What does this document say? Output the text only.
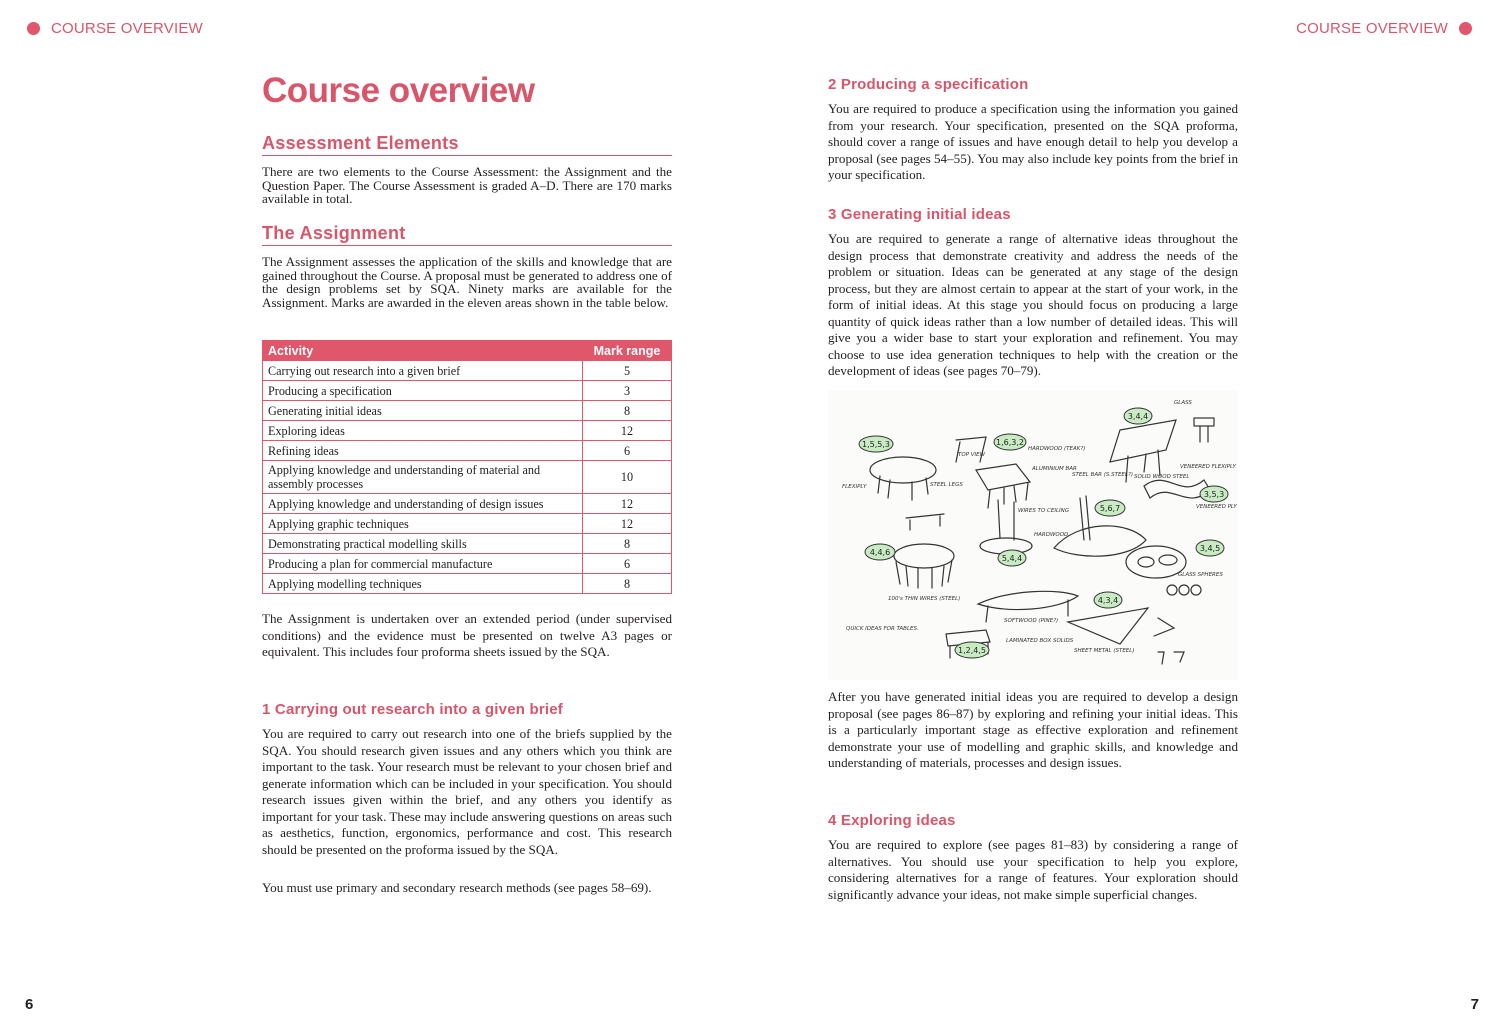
COURSE OVERVIEW	COURSE OVERVIEW
6	7
Course overview
Assessment Elements

There are two elements to the Course Assessment: the Assignment and the Question Paper. The Course Assessment is graded A–D. There are 170 marks available in total.

The Assignment

The Assignment assesses the application of the skills and knowledge that are gained throughout the Course. A proposal must be generated to address one of the design problems set by SQA. Ninety marks are available for the Assignment. Marks are awarded in the eleven areas shown in the table below.

Activity	Mark range
Carrying out research into a given brief	5
Producing a specification	3
Generating initial ideas	8
Exploring ideas	12
Refining ideas	6
Applying knowledge and understanding of material and assembly processes	10
Applying knowledge and understanding of design issues	12
Applying graphic techniques	12
Demonstrating practical modelling skills	8
Producing a plan for commercial manufacture	6
Applying modelling techniques	8

The Assignment is undertaken over an extended period (under supervised conditions) and the evidence must be presented on twelve A3 pages or equivalent. This includes four proforma sheets issued by the SQA.

1 Carrying out research into a given brief

You are required to carry out research into one of the briefs supplied by the SQA. You should research given issues and any others which you think are important to the task. Your research must be relevant to your chosen brief and generate information which can be included in your specification. You should research issues given within the brief, and any others you identify as important for your task. These may include answering questions on areas such as aesthetics, function, ergonomics, performance and cost. This research should be presented on the proforma issued by the SQA.

You must use primary and secondary research methods (see pages 58–69).

2 Producing a specification

You are required to produce a specification using the information you gained from your research. Your specification, presented on the SQA proforma, should cover a range of issues and have enough detail to help you develop a proposal (see pages 54–55). You may also include key points from the brief in your specification.

3 Generating initial ideas

You are required to generate a range of alternative ideas throughout the design process that demonstrate creativity and address the needs of the problem or situation. Ideas can be generated at any stage of the design process, but they are almost certain to appear at the start of your work, in the form of initial ideas. At this stage you should focus on producing a large quantity of quick ideas rather than a low number of detailed ideas. This will give you a wider base to start your exploration and refinement. You may choose to use idea generation techniques to help with the creation or the development of ideas (see pages 70–79).

1,5,5,3	1,6,3,2
3,4,4
3,5,3
5,6,7
4,4,6
5,4,4
3,4,5
4,3,4
1,2,4,5
FLEXIPLY	STEEL LEGS
TOP VIEW
HARDWOOD (TEAK?)
ALUMINIUM BAR
STEEL BAR (S.STEEL?)
GLASS
SOLID WOOD STEEL
VENEERED FLEXIPLY
VENEERED PLY
WIRES TO CEILING
HARDWOOD
GLASS SPHERES
100's THIN WIRES (STEEL)
SOFTWOOD (PINE?)
LAMINATED BOX SOLIDS
SHEET METAL (STEEL)
QUICK IDEAS FOR TABLES.

After you have generated initial ideas you are required to develop a design proposal (see pages 86–87) by exploring and refining your initial ideas. This is a particularly important stage as effective exploration and refinement demonstrate your use of modelling and graphic skills, and knowledge and understanding of materials, processes and design issues.

4 Exploring ideas

You are required to explore (see pages 81–83) by considering a range of alternatives. You should use your specification to help you explore, considering alternatives for a range of features. Your exploration should significantly advance your ideas, not make simple superficial changes.
